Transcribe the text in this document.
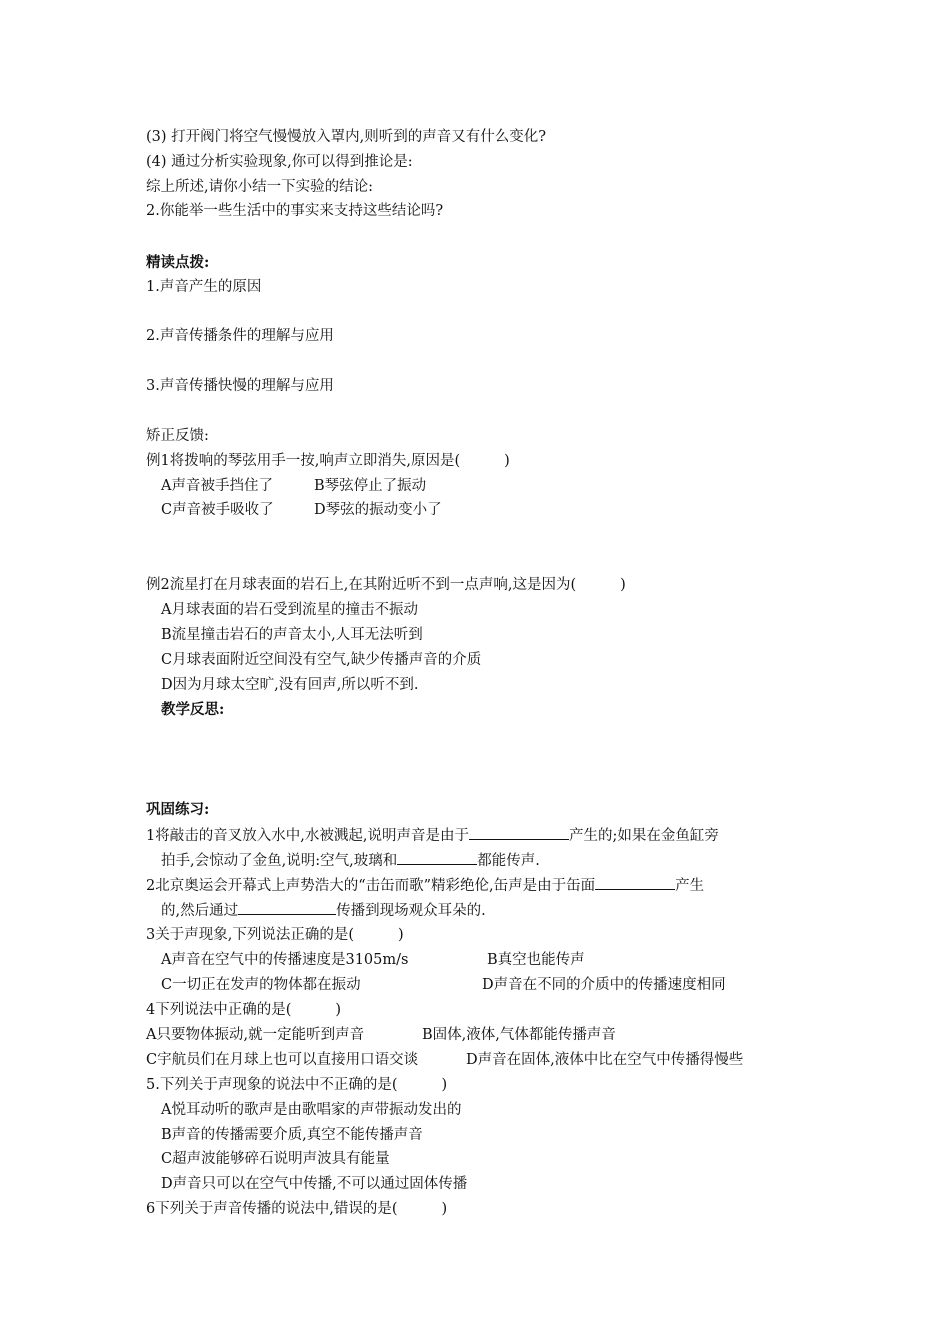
(3) 打开阀门将空气慢慢放入罩内,则听到的声音又有什么变化?
(4) 通过分析实验现象,你可以得到推论是:
综上所述,请你小结一下实验的结论:
2.你能举一些生活中的事实来支持这些结论吗?
精读点拨:
1.声音产生的原因
2.声音传播条件的理解与应用
3.声音传播快慢的理解与应用
矫正反馈:
例1将拨响的琴弦用手一按,响声立即消失,原因是(	)
A声音被手挡住了	B琴弦停止了振动
C声音被手吸收了	D琴弦的振动变小了
例2流星打在月球表面的岩石上,在其附近听不到一点声响,这是因为(	)
A月球表面的岩石受到流星的撞击不振动
B流星撞击岩石的声音太小,人耳无法听到
C月球表面附近空间没有空气,缺少传播声音的介质
D因为月球太空旷,没有回声,所以听不到.
教学反思:
巩固练习:
1将敲击的音叉放入水中,水被溅起,说明声音是由于	产生的;如果在金鱼缸旁
拍手,会惊动了金鱼,说明:空气,玻璃和	都能传声.
2北京奥运会开幕式上声势浩大的“击缶而歌”精彩绝伦,缶声是由于缶面	产生
的,然后通过	传播到现场观众耳朵的.
3关于声现象,下列说法正确的是(	)
A声音在空气中的传播速度是3105m/s	B真空也能传声
C一切正在发声的物体都在振动	D声音在不同的介质中的传播速度相同
4下列说法中正确的是(	)
A只要物体振动,就一定能听到声音	B固体,液体,气体都能传播声音
C宇航员们在月球上也可以直接用口语交谈	D声音在固体,液体中比在空气中传播得慢些
5.下列关于声现象的说法中不正确的是(	)
A悦耳动听的歌声是由歌唱家的声带振动发出的
B声音的传播需要介质,真空不能传播声音
C超声波能够碎石说明声波具有能量
D声音只可以在空气中传播,不可以通过固体传播
6下列关于声音传播的说法中,错误的是(	)
